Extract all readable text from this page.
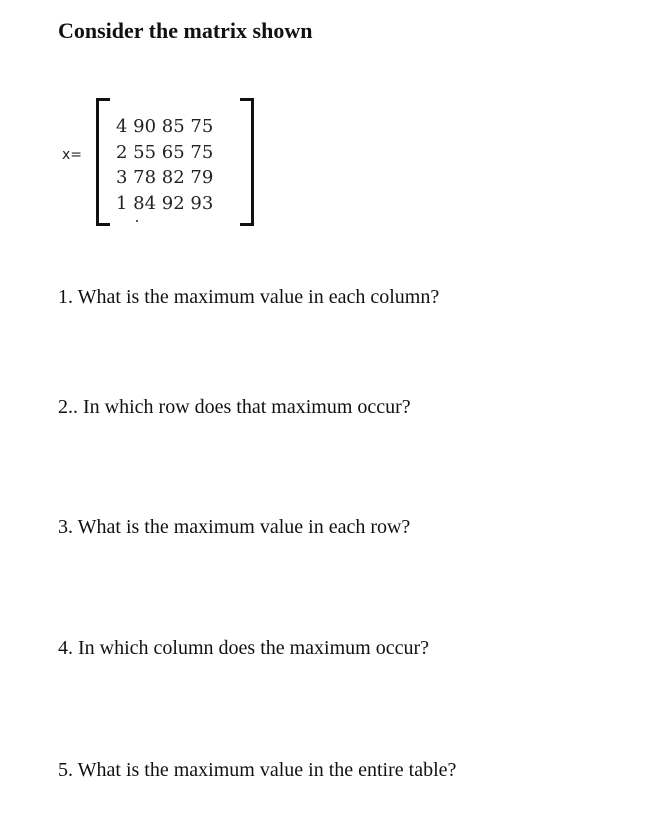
Consider the matrix shown
x=
4 90 85 75
2 55 65 75
3 78 82 79
1 84 92 93

1. What is the maximum value in each column?

2.. In which row does that maximum occur?

3. What is the maximum value in each row?

4. In which column does the maximum occur?

5. What is the maximum value in the entire table?
